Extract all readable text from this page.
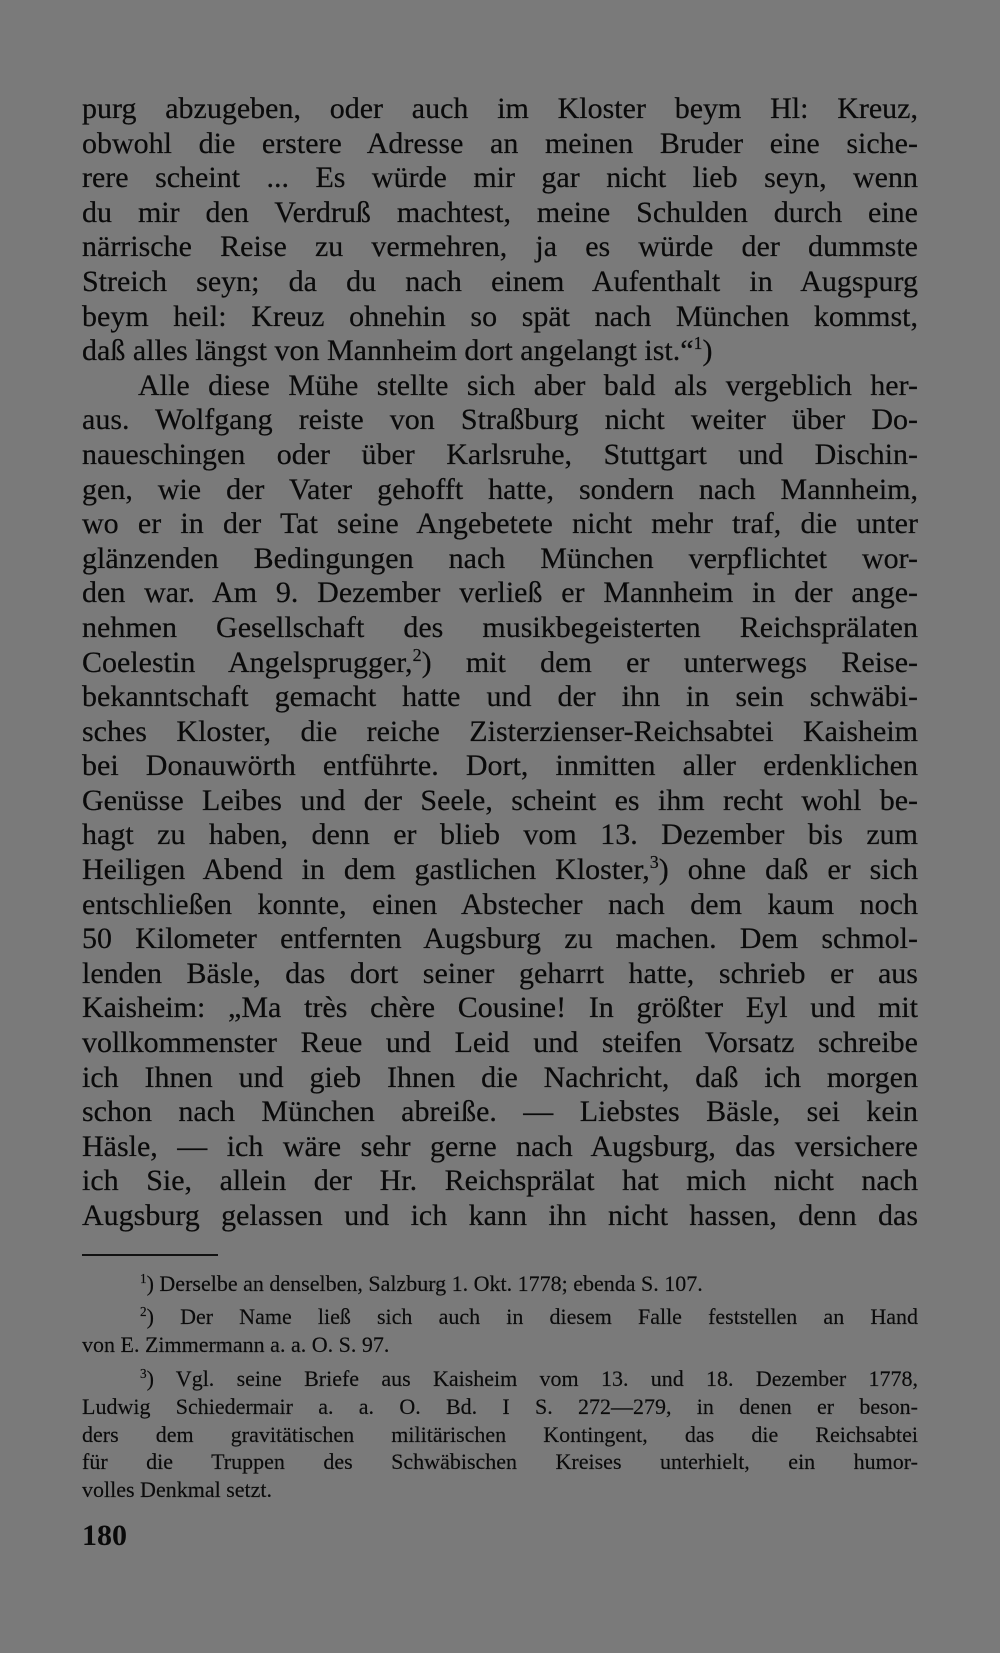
purg abzugeben, oder auch im Kloster beym Hl: Kreuz,
obwohl die erstere Adresse an meinen Bruder eine siche-
rere scheint ... Es würde mir gar nicht lieb seyn, wenn
du mir den Verdruß machtest, meine Schulden durch eine
närrische Reise zu vermehren, ja es würde der dummste
Streich seyn; da du nach einem Aufenthalt in Augspurg
beym heil: Kreuz ohnehin so spät nach München kommst,
daß alles längst von Mannheim dort angelangt ist.“$^1$)
Alle diese Mühe stellte sich aber bald als vergeblich her-
aus. Wolfgang reiste von Straßburg nicht weiter über Do-
naueschingen oder über Karlsruhe, Stuttgart und Dischin-
gen, wie der Vater gehofft hatte, sondern nach Mannheim,
wo er in der Tat seine Angebetete nicht mehr traf, die unter
glänzenden Bedingungen nach München verpflichtet wor-
den war. Am 9. Dezember verließ er Mannheim in der ange-
nehmen Gesellschaft des musikbegeisterten Reichsprälaten
Coelestin Angelsprugger,$^2$) mit dem er unterwegs Reise-
bekanntschaft gemacht hatte und der ihn in sein schwäbi-
sches Kloster, die reiche Zisterzienser-Reichsabtei Kaisheim
bei Donauwörth entführte. Dort, inmitten aller erdenklichen
Genüsse Leibes und der Seele, scheint es ihm recht wohl be-
hagt zu haben, denn er blieb vom 13. Dezember bis zum
Heiligen Abend in dem gastlichen Kloster,$^3$) ohne daß er sich
entschließen konnte, einen Abstecher nach dem kaum noch
50 Kilometer entfernten Augsburg zu machen. Dem schmol-
lenden Bäsle, das dort seiner geharrt hatte, schrieb er aus
Kaisheim: „Ma très chère Cousine! In größter Eyl und mit
vollkommenster Reue und Leid und steifen Vorsatz schreibe
ich Ihnen und gieb Ihnen die Nachricht, daß ich morgen
schon nach München abreiße. — Liebstes Bäsle, sei kein
Häsle, — ich wäre sehr gerne nach Augsburg, das versichere
ich Sie, allein der Hr. Reichsprälat hat mich nicht nach
Augsburg gelassen und ich kann ihn nicht hassen, denn das
$^1$) Derselbe an denselben, Salzburg 1. Okt. 1778; ebenda S. 107.
$^2$) Der Name ließ sich auch in diesem Falle feststellen an Hand
von E. Zimmermann a. a. O. S. 97.
$^3$) Vgl. seine Briefe aus Kaisheim vom 13. und 18. Dezember 1778,
Ludwig Schiedermair a. a. O. Bd. I S. 272—279, in denen er beson-
ders dem gravitätischen militärischen Kontingent, das die Reichsabtei
für die Truppen des Schwäbischen Kreises unterhielt, ein humor-
volles Denkmal setzt.
180
